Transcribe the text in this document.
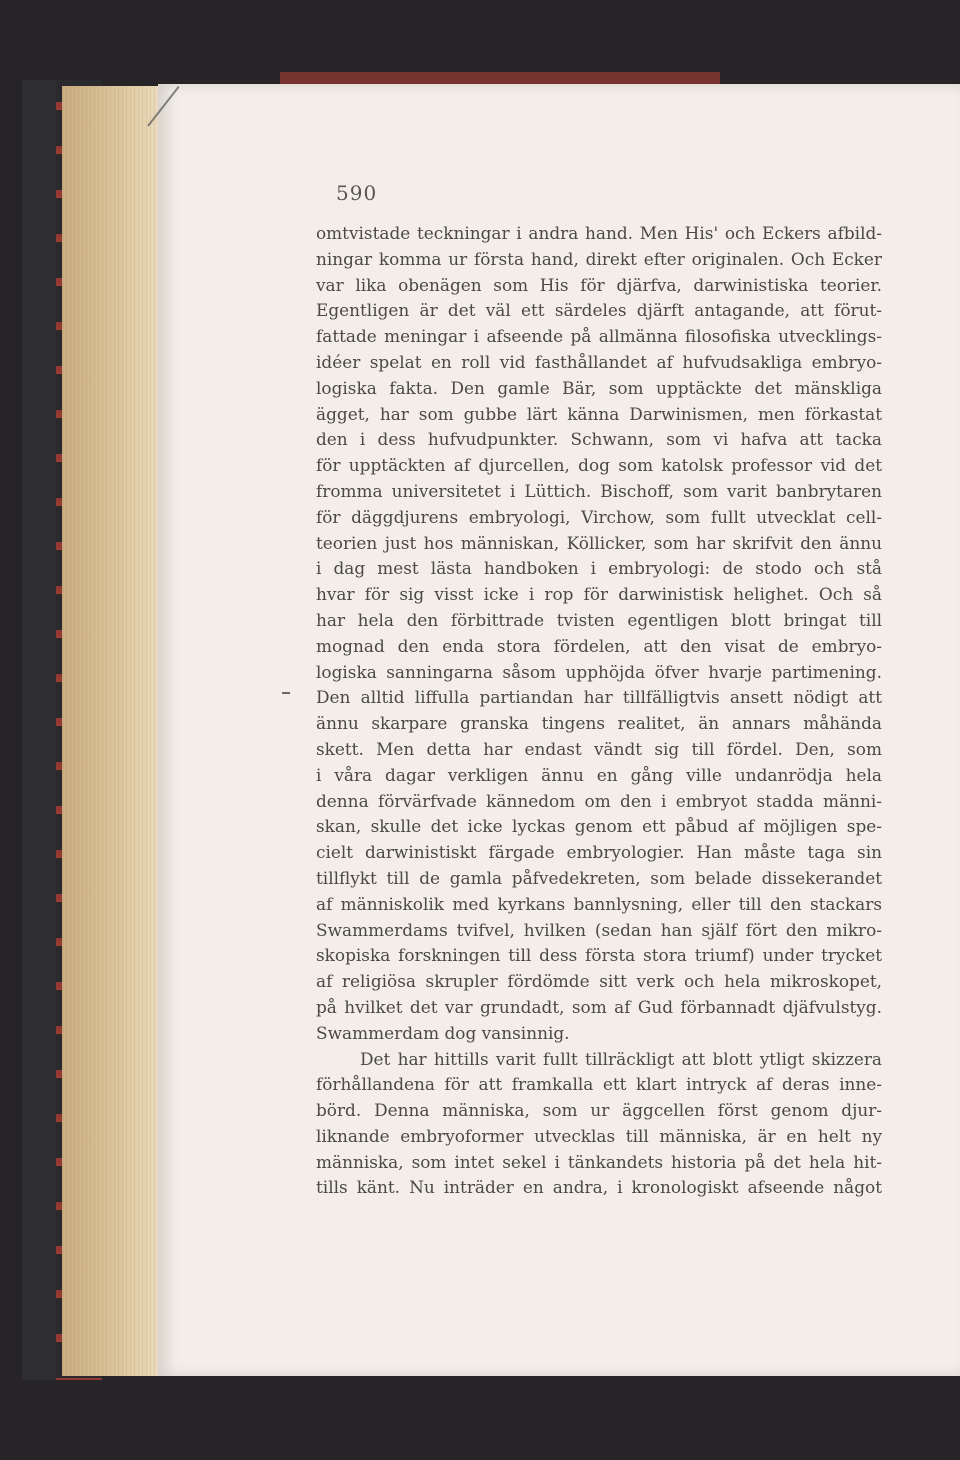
590
omtvistade teckningar i andra hand. Men His' och Eckers afbild-
ningar komma ur första hand, direkt efter originalen. Och Ecker
var lika obenägen som His för djärfva, darwinistiska teorier.
Egentligen är det väl ett särdeles djärft antagande, att förut-
fattade meningar i afseende på allmänna filosofiska utvecklings-
idéer spelat en roll vid fasthållandet af hufvudsakliga embryo-
logiska fakta. Den gamle Bär, som upptäckte det mänskliga
ägget, har som gubbe lärt känna Darwinismen, men förkastat
den i dess hufvudpunkter. Schwann, som vi hafva att tacka
för upptäckten af djurcellen, dog som katolsk professor vid det
fromma universitetet i Lüttich. Bischoff, som varit banbrytaren
för däggdjurens embryologi, Virchow, som fullt utvecklat cell-
teorien just hos människan, Köllicker, som har skrifvit den ännu
i dag mest lästa handboken i embryologi: de stodo och stå
hvar för sig visst icke i rop för darwinistisk helighet. Och så
har hela den förbittrade tvisten egentligen blott bringat till
mognad den enda stora fördelen, att den visat de embryo-
logiska sanningarna såsom upphöjda öfver hvarje partimening.
Den alltid liffulla partiandan har tillfälligtvis ansett nödigt att
ännu skarpare granska tingens realitet, än annars måhända
skett. Men detta har endast vändt sig till fördel. Den, som
i våra dagar verkligen ännu en gång ville undanrödja hela
denna förvärfvade kännedom om den i embryot stadda männi-
skan, skulle det icke lyckas genom ett påbud af möjligen spe-
cielt darwinistiskt färgade embryologier. Han måste taga sin
tillflykt till de gamla påfvedekreten, som belade dissekerandet
af människolik med kyrkans bannlysning, eller till den stackars
Swammerdams tvifvel, hvilken (sedan han själf fört den mikro-
skopiska forskningen till dess första stora triumf) under trycket
af religiösa skrupler fördömde sitt verk och hela mikroskopet,
på hvilket det var grundadt, som af Gud förbannadt djäfvulstyg.
Swammerdam dog vansinnig.
Det har hittills varit fullt tillräckligt att blott ytligt skizzera
förhållandena för att framkalla ett klart intryck af deras inne-
börd. Denna människa, som ur äggcellen först genom djur-
liknande embryoformer utvecklas till människa, är en helt ny
människa, som intet sekel i tänkandets historia på det hela hit-
tills känt. Nu inträder en andra, i kronologiskt afseende något
